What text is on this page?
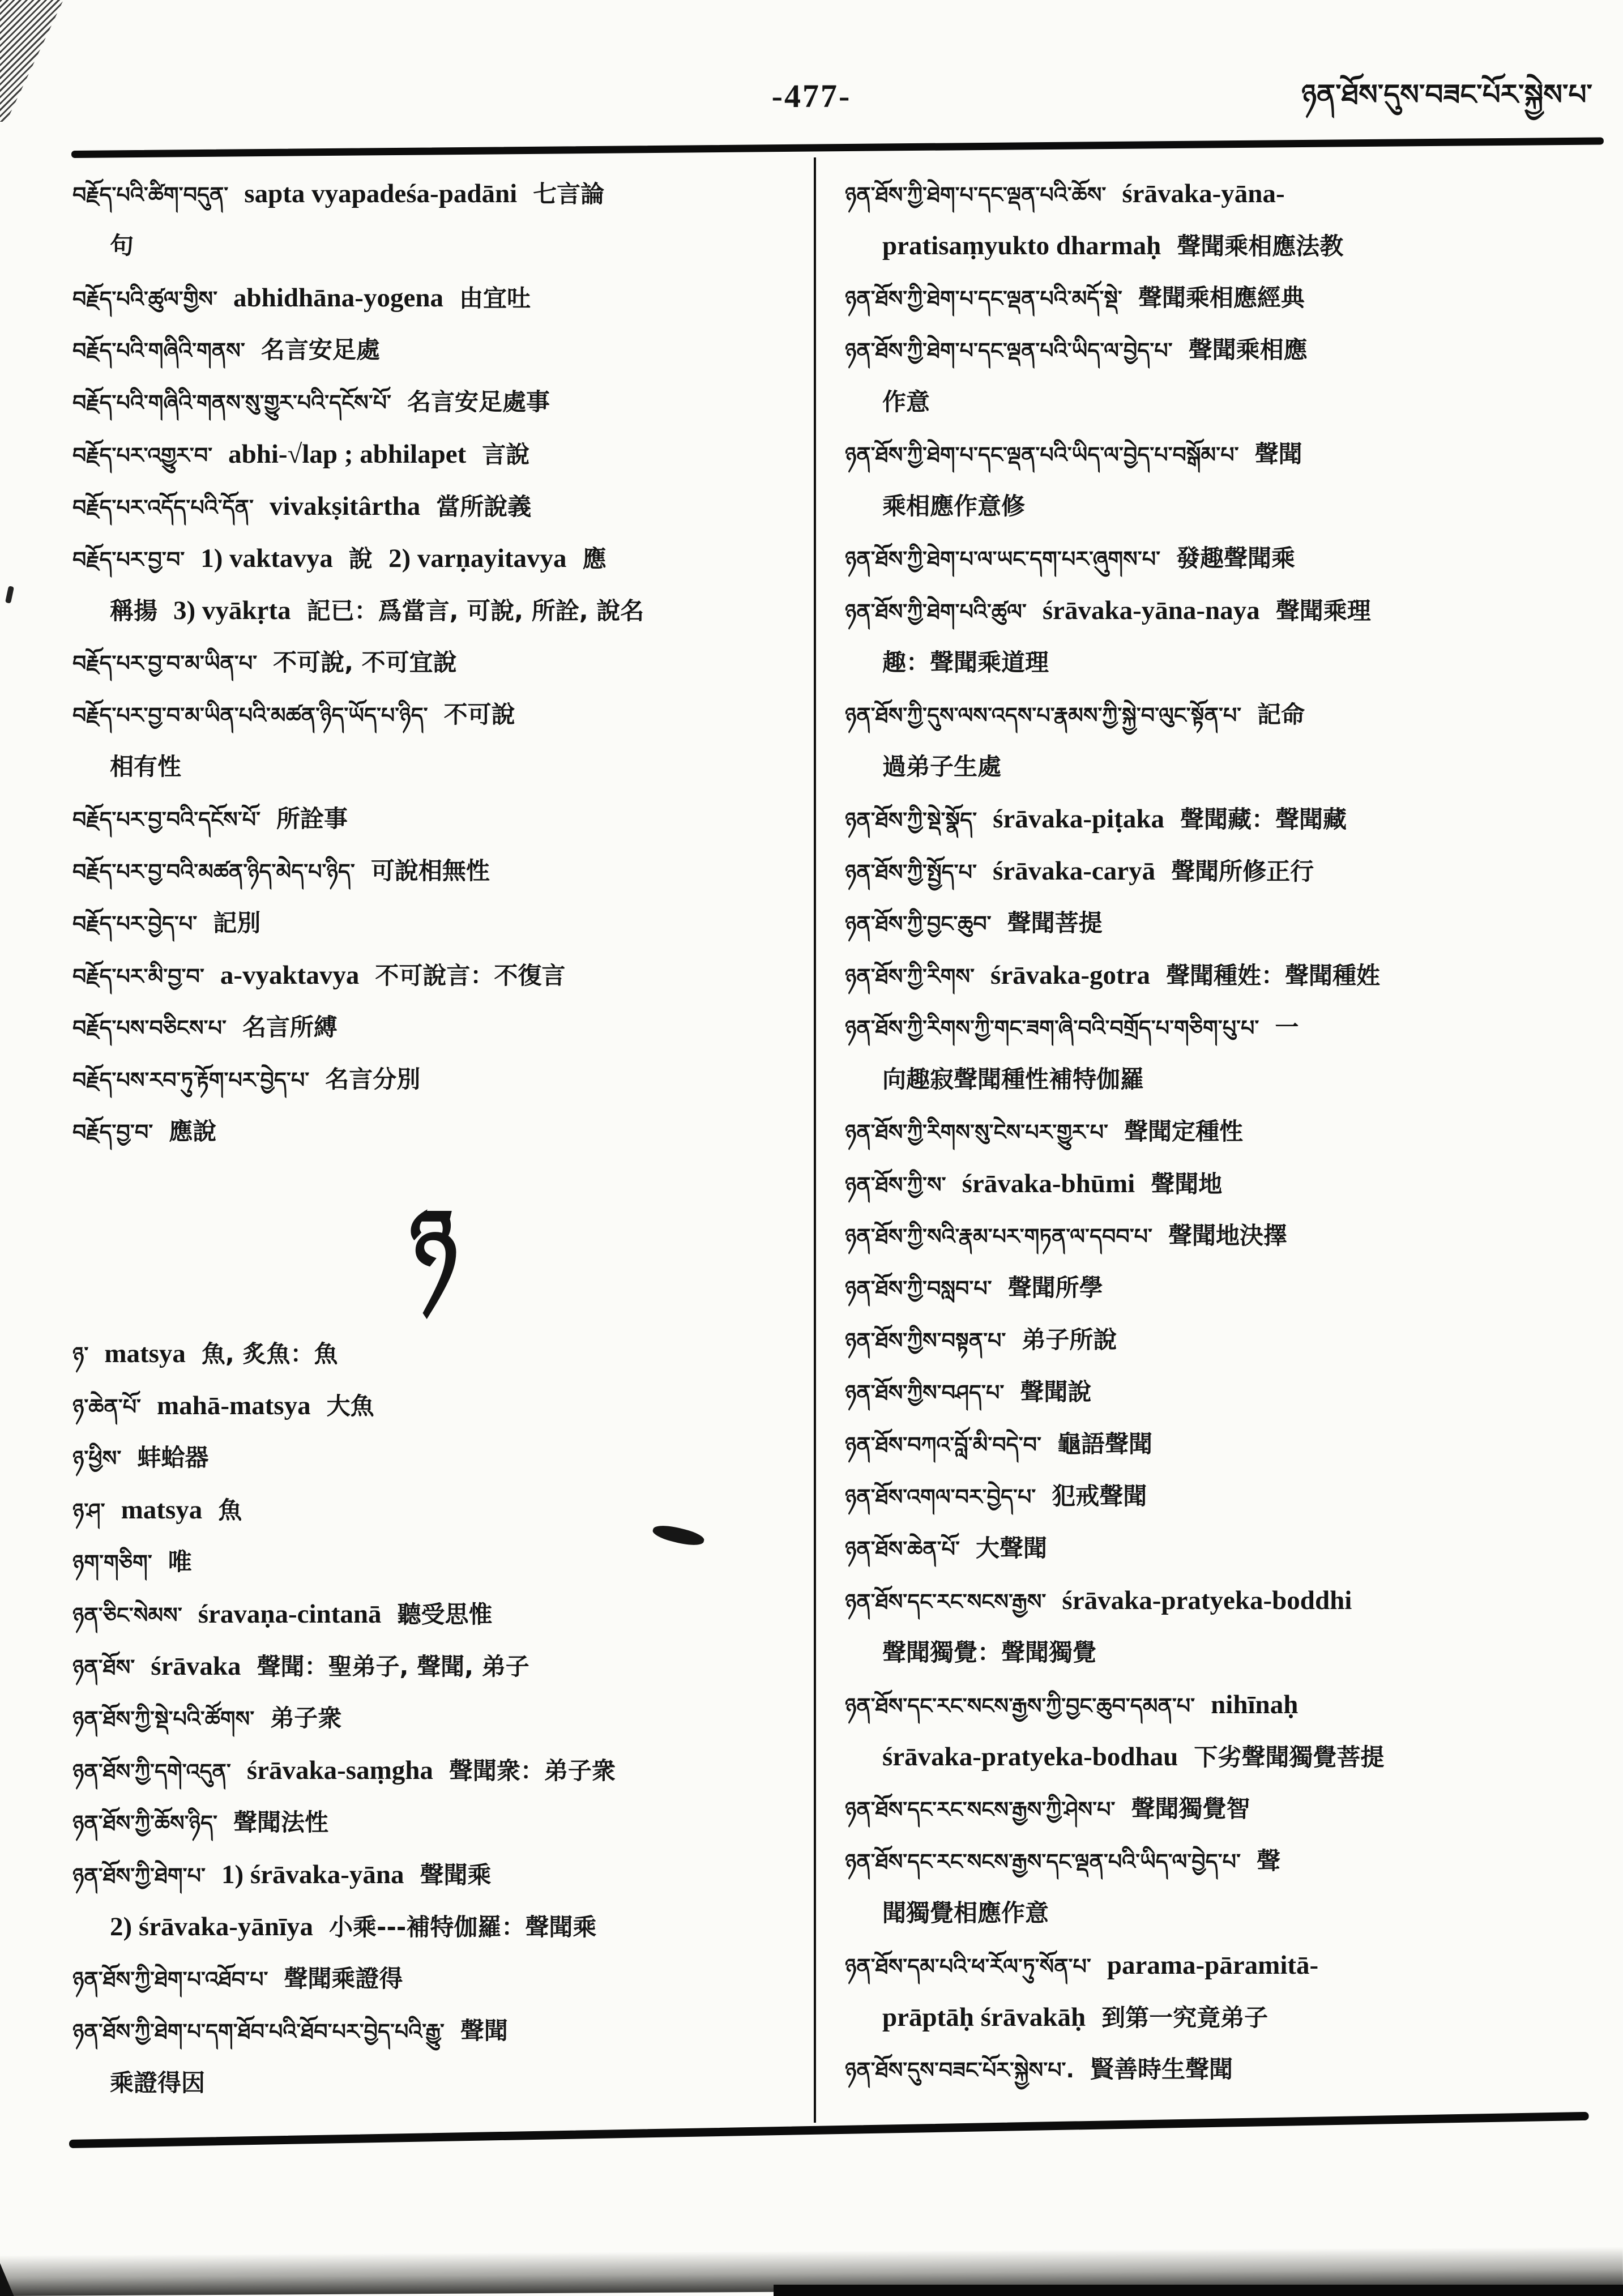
-477-	ཉན་ཐོས་དུས་བཟང་པོར་སྐྱེས་པ་
བརྗོད་པའི་ཚིག་བདུན་ sapta vyapadeśa-padāni 七言論
句
བརྗོད་པའི་ཚུལ་གྱིས་ abhidhāna-yogena 由宜吐
བརྗོད་པའི་གཞིའི་གནས་ 名言安足處
བརྗོད་པའི་གཞིའི་གནས་སུ་གྱུར་པའི་དངོས་པོ་ 名言安足處事
བརྗོད་པར་འགྱུར་བ་ abhi-√lap ; abhilapet 言說
བརྗོད་པར་འདོད་པའི་དོན་ vivakṣitârtha 當所說義
བརྗོད་པར་བྱ་བ་ 1) vaktavya 說 2) varṇayitavya 應
稱揚 3) vyākṛta 記已：爲當言, 可說, 所詮, 說名
བརྗོད་པར་བྱ་བ་མ་ཡིན་པ་ 不可說, 不可宜說
བརྗོད་པར་བྱ་བ་མ་ཡིན་པའི་མཚན་ཉིད་ཡོད་པ་ཉིད་ 不可說
相有性
བརྗོད་པར་བྱ་བའི་དངོས་པོ་ 所詮事
བརྗོད་པར་བྱ་བའི་མཚན་ཉིད་མེད་པ་ཉིད་ 可說相無性
བརྗོད་པར་བྱེད་པ་ 記別
བརྗོད་པར་མི་བྱ་བ་ a-vyaktavya 不可說言：不復言
བརྗོད་པས་བཅིངས་པ་ 名言所縛
བརྗོད་པས་རབ་ཏུ་རྟོག་པར་བྱེད་པ་ 名言分別
བརྗོད་བྱ་བ་ 應說
ཉ
ཉ་ matsya 魚, 炙魚：魚
ཉ་ཆེན་པོ་ mahā-matsya 大魚
ཉ་ཕྱིས་ 蚌蛤器
ཉ་ཤ་ matsya 魚
ཉག་གཅིག་ 唯
ཉན་ཅིང་སེམས་ śravaṇa-cintanā 聽受思惟
ཉན་ཐོས་ śrāvaka 聲聞：聖弟子, 聲聞, 弟子
ཉན་ཐོས་ཀྱི་སྡེ་པའི་ཚོགས་ 弟子衆
ཉན་ཐོས་ཀྱི་དགེ་འདུན་ śrāvaka-saṃgha 聲聞衆：弟子衆
ཉན་ཐོས་ཀྱི་ཆོས་ཉིད་ 聲聞法性
ཉན་ཐོས་ཀྱི་ཐེག་པ་ 1) śrāvaka-yāna 聲聞乘
2) śrāvaka-yānīya 小乘---補特伽羅：聲聞乘
ཉན་ཐོས་ཀྱི་ཐེག་པ་འཐོབ་པ་ 聲聞乘證得
ཉན་ཐོས་ཀྱི་ཐེག་པ་དག་ཐོབ་པའི་ཐོབ་པར་བྱེད་པའི་རྒྱུ་ 聲聞
乘證得因
ཉན་ཐོས་ཀྱི་ཐེག་པ་དང་ལྡན་པའི་ཆོས་ śrāvaka-yāna-
pratisaṃyukto dharmaḥ 聲聞乘相應法教
ཉན་ཐོས་ཀྱི་ཐེག་པ་དང་ལྡན་པའི་མདོ་སྡེ་ 聲聞乘相應經典
ཉན་ཐོས་ཀྱི་ཐེག་པ་དང་ལྡན་པའི་ཡིད་ལ་བྱེད་པ་ 聲聞乘相應
作意
ཉན་ཐོས་ཀྱི་ཐེག་པ་དང་ལྡན་པའི་ཡིད་ལ་བྱེད་པ་བསྒོམ་པ་ 聲聞
乘相應作意修
ཉན་ཐོས་ཀྱི་ཐེག་པ་ལ་ཡང་དག་པར་ཞུགས་པ་ 發趣聲聞乘
ཉན་ཐོས་ཀྱི་ཐེག་པའི་ཚུལ་ śrāvaka-yāna-naya 聲聞乘理
趣：聲聞乘道理
ཉན་ཐོས་ཀྱི་དུས་ལས་འདས་པ་རྣམས་ཀྱི་སྐྱེ་བ་ལུང་སྟོན་པ་ 記命
過弟子生處
ཉན་ཐོས་ཀྱི་སྡེ་སྣོད་ śrāvaka-piṭaka 聲聞藏：聲聞藏
ཉན་ཐོས་ཀྱི་སྤྱོད་པ་ śrāvaka-caryā 聲聞所修正行
ཉན་ཐོས་ཀྱི་བྱང་ཆུབ་ 聲聞菩提
ཉན་ཐོས་ཀྱི་རིགས་ śrāvaka-gotra 聲聞種姓：聲聞種姓
ཉན་ཐོས་ཀྱི་རིགས་ཀྱི་གང་ཟག་ཞི་བའི་བགྲོད་པ་གཅིག་པུ་པ་ 一
向趣寂聲聞種性補特伽羅
ཉན་ཐོས་ཀྱི་རིགས་སུ་ངེས་པར་གྱུར་པ་ 聲聞定種性
ཉན་ཐོས་ཀྱི་ས་ śrāvaka-bhūmi 聲聞地
ཉན་ཐོས་ཀྱི་སའི་རྣམ་པར་གཏན་ལ་དབབ་པ་ 聲聞地決擇
ཉན་ཐོས་ཀྱི་བསླབ་པ་ 聲聞所學
ཉན་ཐོས་ཀྱིས་བསྟན་པ་ 弟子所說
ཉན་ཐོས་ཀྱིས་བཤད་པ་ 聲聞說
ཉན་ཐོས་བཀའ་བློ་མི་བདེ་བ་ 龜語聲聞
ཉན་ཐོས་འགལ་བར་བྱེད་པ་ 犯戒聲聞
ཉན་ཐོས་ཆེན་པོ་ 大聲聞
ཉན་ཐོས་དང་རང་སངས་རྒྱས་ śrāvaka-pratyeka-boddhi
聲聞獨覺：聲聞獨覺
ཉན་ཐོས་དང་རང་སངས་རྒྱས་ཀྱི་བྱང་ཆུབ་དམན་པ་ nihīnaḥ
śrāvaka-pratyeka-bodhau 下劣聲聞獨覺菩提
ཉན་ཐོས་དང་རང་སངས་རྒྱས་ཀྱི་ཤེས་པ་ 聲聞獨覺智
ཉན་ཐོས་དང་རང་སངས་རྒྱས་དང་ལྡན་པའི་ཡིད་ལ་བྱེད་པ་ 聲
聞獨覺相應作意
ཉན་ཐོས་དམ་པའི་ཕ་རོལ་ཏུ་སོན་པ་ parama-pāramitā-
prāptāḥ śrāvakāḥ 到第一究竟弟子
ཉན་ཐོས་དུས་བཟང་པོར་སྐྱེས་པ་. 賢善時生聲聞
